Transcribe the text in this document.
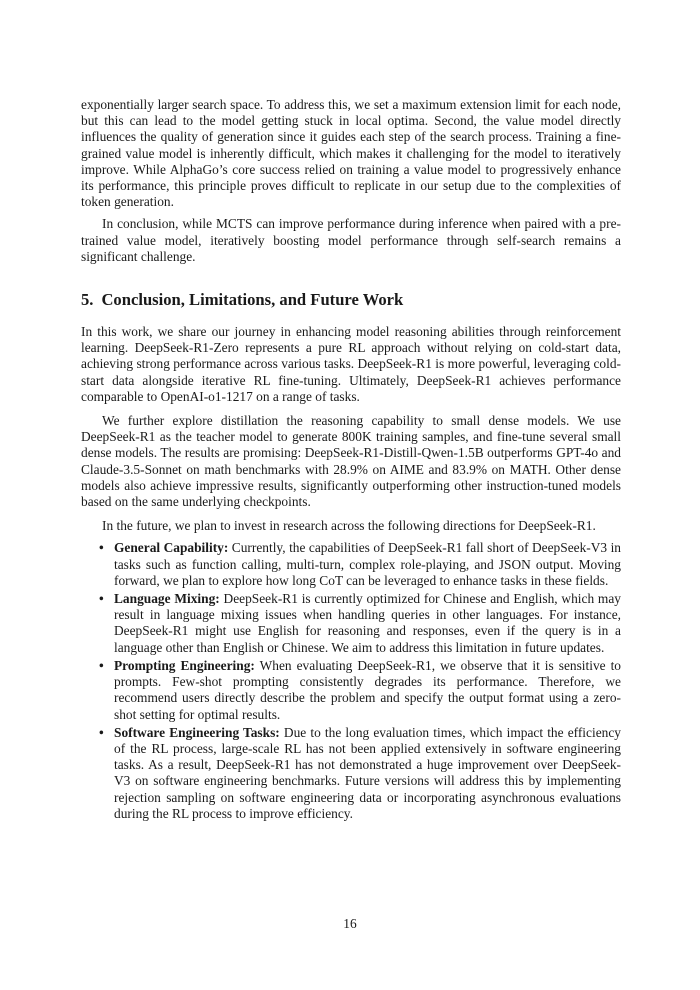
exponentially larger search space. To address this, we set a maximum extension limit for each node, but this can lead to the model getting stuck in local optima. Second, the value model directly influences the quality of generation since it guides each step of the search process. Training a fine-grained value model is inherently difficult, which makes it challenging for the model to iteratively improve. While AlphaGo’s core success relied on training a value model to progressively enhance its performance, this principle proves difficult to replicate in our setup due to the complexities of token generation.

In conclusion, while MCTS can improve performance during inference when paired with a pre-trained value model, iteratively boosting model performance through self-search remains a significant challenge.

5. Conclusion, Limitations, and Future Work

In this work, we share our journey in enhancing model reasoning abilities through reinforcement learning. DeepSeek-R1-Zero represents a pure RL approach without relying on cold-start data, achieving strong performance across various tasks. DeepSeek-R1 is more powerful, leveraging cold-start data alongside iterative RL fine-tuning. Ultimately, DeepSeek-R1 achieves performance comparable to OpenAI-o1-1217 on a range of tasks.

We further explore distillation the reasoning capability to small dense models. We use DeepSeek-R1 as the teacher model to generate 800K training samples, and fine-tune several small dense models. The results are promising: DeepSeek-R1-Distill-Qwen-1.5B outperforms GPT-4o and Claude-3.5-Sonnet on math benchmarks with 28.9% on AIME and 83.9% on MATH. Other dense models also achieve impressive results, significantly outperforming other instruction-tuned models based on the same underlying checkpoints.

In the future, we plan to invest in research across the following directions for DeepSeek-R1.

• General Capability: Currently, the capabilities of DeepSeek-R1 fall short of DeepSeek-V3 in tasks such as function calling, multi-turn, complex role-playing, and JSON output. Moving forward, we plan to explore how long CoT can be leveraged to enhance tasks in these fields.
• Language Mixing: DeepSeek-R1 is currently optimized for Chinese and English, which may result in language mixing issues when handling queries in other languages. For instance, DeepSeek-R1 might use English for reasoning and responses, even if the query is in a language other than English or Chinese. We aim to address this limitation in future updates.
• Prompting Engineering: When evaluating DeepSeek-R1, we observe that it is sensitive to prompts. Few-shot prompting consistently degrades its performance. Therefore, we recommend users directly describe the problem and specify the output format using a zero-shot setting for optimal results.
• Software Engineering Tasks: Due to the long evaluation times, which impact the efficiency of the RL process, large-scale RL has not been applied extensively in software engineering tasks. As a result, DeepSeek-R1 has not demonstrated a huge improvement over DeepSeek-V3 on software engineering benchmarks. Future versions will address this by implementing rejection sampling on software engineering data or incorporating asynchronous evaluations during the RL process to improve efficiency.
16
